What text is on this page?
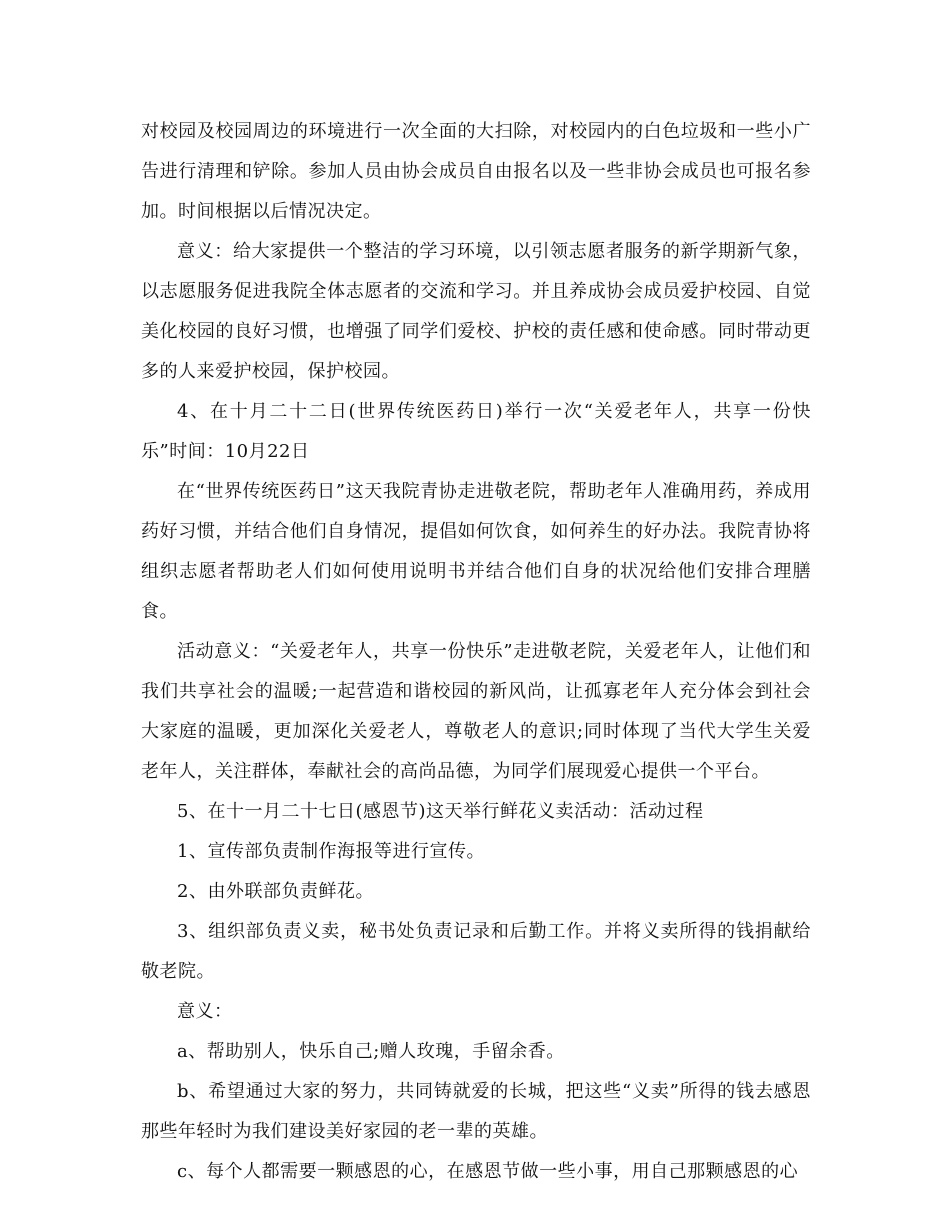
对校园及校园周边的环境进行一次全面的大扫除，对校园内的白色垃圾和一些小广告进行清理和铲除。参加人员由协会成员自由报名以及一些非协会成员也可报名参加。时间根据以后情况决定。

意义：给大家提供一个整洁的学习环境，以引领志愿者服务的新学期新气象，以志愿服务促进我院全体志愿者的交流和学习。并且养成协会成员爱护校园、自觉美化校园的良好习惯，也增强了同学们爱校、护校的责任感和使命感。同时带动更多的人来爱护校园，保护校园。

4、在十月二十二日(世界传统医药日)举行一次“关爱老年人，共享一份快乐”时间：10月22日

在“世界传统医药日”这天我院青协走进敬老院，帮助老年人准确用药，养成用药好习惯，并结合他们自身情况，提倡如何饮食，如何养生的好办法。我院青协将组织志愿者帮助老人们如何使用说明书并结合他们自身的状况给他们安排合理膳食。

活动意义：“关爱老年人，共享一份快乐”走进敬老院，关爱老年人，让他们和我们共享社会的温暖;一起营造和谐校园的新风尚，让孤寡老年人充分体会到社会大家庭的温暖，更加深化关爱老人，尊敬老人的意识;同时体现了当代大学生关爱老年人，关注群体，奉献社会的高尚品德，为同学们展现爱心提供一个平台。

5、在十一月二十七日(感恩节)这天举行鲜花义卖活动：活动过程

1、宣传部负责制作海报等进行宣传。

2、由外联部负责鲜花。

3、组织部负责义卖，秘书处负责记录和后勤工作。并将义卖所得的钱捐献给敬老院。

意义：

a、帮助别人，快乐自己;赠人玫瑰，手留余香。

b、希望通过大家的努力，共同铸就爱的长城，把这些“义卖”所得的钱去感恩那些年轻时为我们建设美好家园的老一辈的英雄。

c、每个人都需要一颗感恩的心，在感恩节做一些小事，用自己那颗感恩的心
